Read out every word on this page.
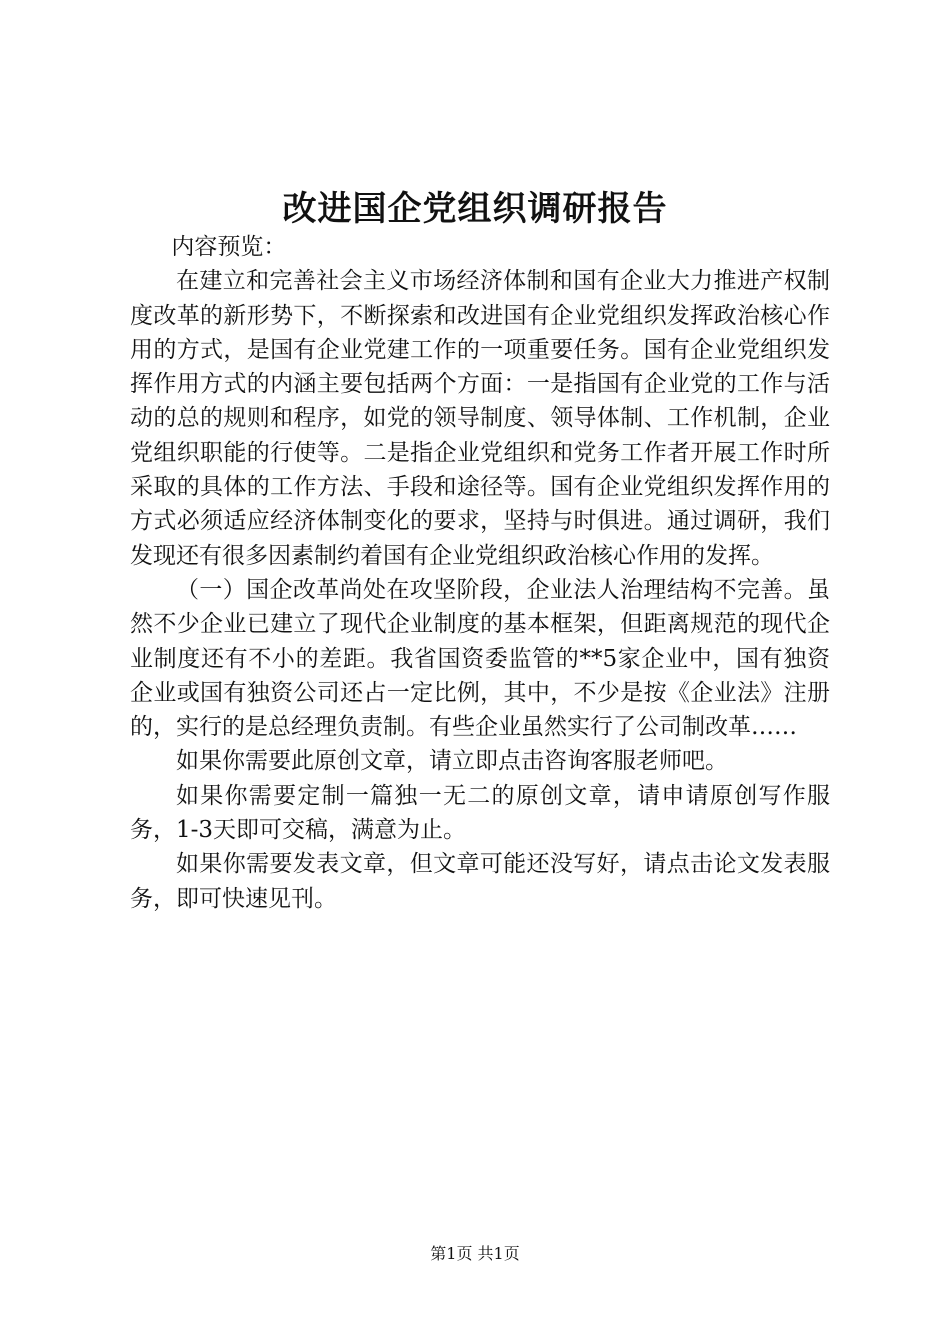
改进国企党组织调研报告

内容预览：

在建立和完善社会主义市场经济体制和国有企业大力推进产权制度改革的新形势下，不断探索和改进国有企业党组织发挥政治核心作用的方式，是国有企业党建工作的一项重要任务。国有企业党组织发挥作用方式的内涵主要包括两个方面：一是指国有企业党的工作与活动的总的规则和程序，如党的领导制度、领导体制、工作机制，企业党组织职能的行使等。二是指企业党组织和党务工作者开展工作时所采取的具体的工作方法、手段和途径等。国有企业党组织发挥作用的方式必须适应经济体制变化的要求，坚持与时俱进。通过调研，我们发现还有很多因素制约着国有企业党组织政治核心作用的发挥。

（一）国企改革尚处在攻坚阶段，企业法人治理结构不完善。虽然不少企业已建立了现代企业制度的基本框架，但距离规范的现代企业制度还有不小的差距。我省国资委监管的**5家企业中，国有独资企业或国有独资公司还占一定比例，其中，不少是按《企业法》注册的，实行的是总经理负责制。有些企业虽然实行了公司制改革……

如果你需要此原创文章，请立即点击咨询客服老师吧。

如果你需要定制一篇独一无二的原创文章，请申请原创写作服务，1-3天即可交稿，满意为止。

如果你需要发表文章，但文章可能还没写好，请点击论文发表服务，即可快速见刊。

第1页 共1页
